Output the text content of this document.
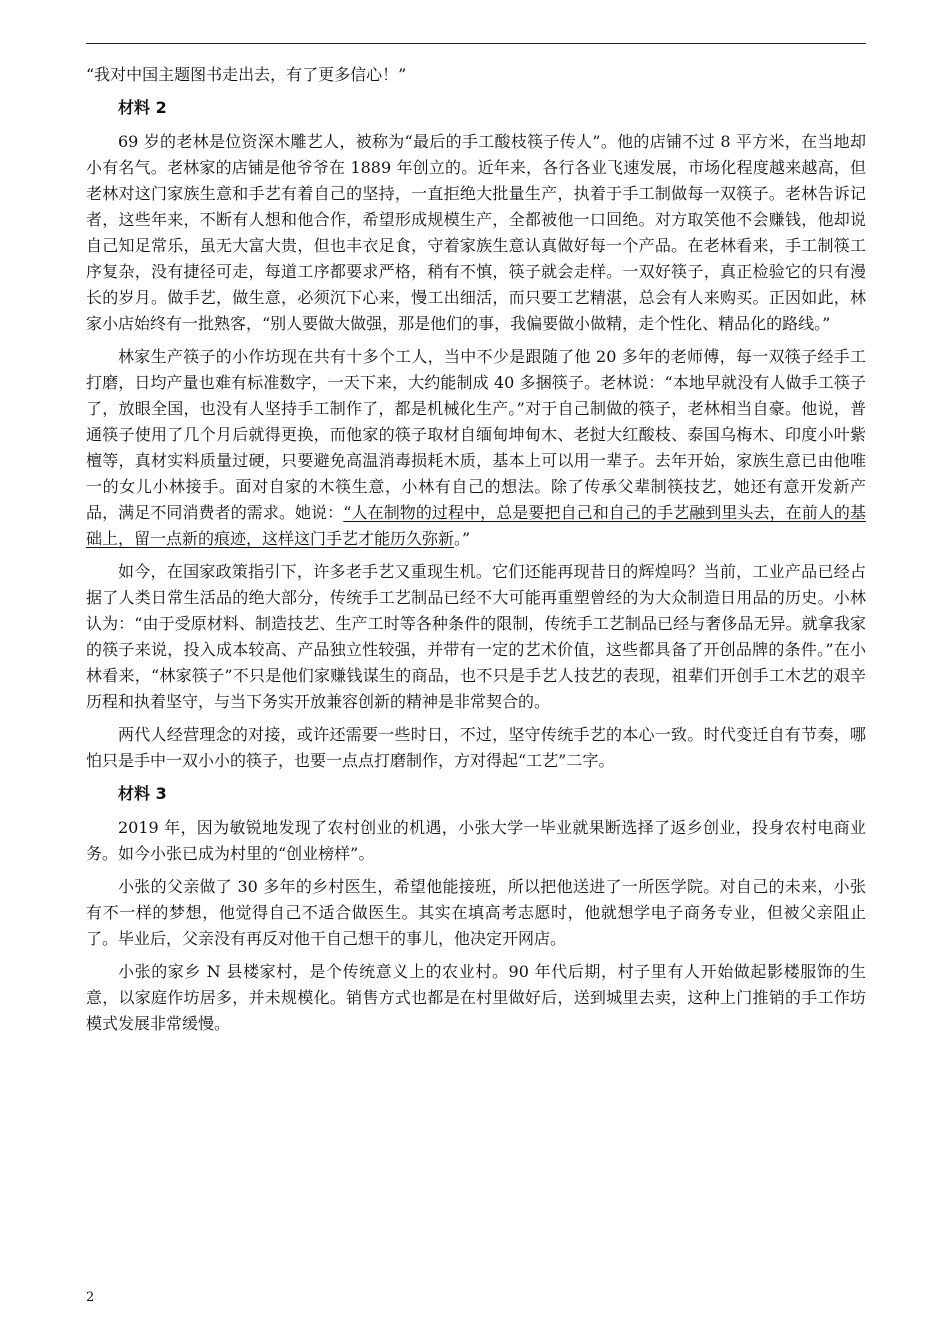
“我对中国主题图书走出去，有了更多信心！”

材料 2

69 岁的老林是位资深木雕艺人，被称为“最后的手工酸枝筷子传人”。他的店铺不过 8 平方米，在当地却小有名气。老林家的店铺是他爷爷在 1889 年创立的。近年来，各行各业飞速发展，市场化程度越来越高，但老林对这门家族生意和手艺有着自己的坚持，一直拒绝大批量生产，执着于手工制做每一双筷子。老林告诉记者，这些年来，不断有人想和他合作，希望形成规模生产，全都被他一口回绝。对方取笑他不会赚钱，他却说自己知足常乐，虽无大富大贵，但也丰衣足食，守着家族生意认真做好每一个产品。在老林看来，手工制筷工序复杂，没有捷径可走，每道工序都要求严格，稍有不慎，筷子就会走样。一双好筷子，真正检验它的只有漫长的岁月。做手艺，做生意，必须沉下心来，慢工出细活，而只要工艺精湛，总会有人来购买。正因如此，林家小店始终有一批熟客，“别人要做大做强，那是他们的事，我偏要做小做精，走个性化、精品化的路线。”

林家生产筷子的小作坊现在共有十多个工人，当中不少是跟随了他 20 多年的老师傅，每一双筷子经手工打磨，日均产量也难有标准数字，一天下来，大约能制成 40 多捆筷子。老林说：“本地早就没有人做手工筷子了，放眼全国，也没有人坚持手工制作了，都是机械化生产。”对于自己制做的筷子，老林相当自豪。他说，普通筷子使用了几个月后就得更换，而他家的筷子取材自缅甸坤甸木、老挝大红酸枝、泰国乌梅木、印度小叶紫檀等，真材实料质量过硬，只要避免高温消毒损耗木质，基本上可以用一辈子。去年开始，家族生意已由他唯一的女儿小林接手。面对自家的木筷生意，小林有自己的想法。除了传承父辈制筷技艺，她还有意开发新产品，满足不同消费者的需求。她说：“人在制物的过程中，总是要把自己和自己的手艺融到里头去，在前人的基础上，留一点新的痕迹，这样这门手艺才能历久弥新。”

如今，在国家政策指引下，许多老手艺又重现生机。它们还能再现昔日的辉煌吗？当前，工业产品已经占据了人类日常生活品的绝大部分，传统手工艺制品已经不大可能再重塑曾经的为大众制造日用品的历史。小林认为：“由于受原材料、制造技艺、生产工时等各种条件的限制，传统手工艺制品已经与奢侈品无异。就拿我家的筷子来说，投入成本较高、产品独立性较强，并带有一定的艺术价值，这些都具备了开创品牌的条件。”在小林看来，“林家筷子”不只是他们家赚钱谋生的商品，也不只是手艺人技艺的表现，祖辈们开创手工木艺的艰辛历程和执着坚守，与当下务实开放兼容创新的精神是非常契合的。

两代人经营理念的对接，或许还需要一些时日，不过，坚守传统手艺的本心一致。时代变迁自有节奏，哪怕只是手中一双小小的筷子，也要一点点打磨制作，方对得起“工艺”二字。

材料 3

2019 年，因为敏锐地发现了农村创业的机遇，小张大学一毕业就果断选择了返乡创业，投身农村电商业务。如今小张已成为村里的“创业榜样”。

小张的父亲做了 30 多年的乡村医生，希望他能接班，所以把他送进了一所医学院。对自己的未来，小张有不一样的梦想，他觉得自己不适合做医生。其实在填高考志愿时，他就想学电子商务专业，但被父亲阻止了。毕业后，父亲没有再反对他干自己想干的事儿，他决定开网店。

小张的家乡 N 县楼家村，是个传统意义上的农业村。90 年代后期，村子里有人开始做起影楼服饰的生意，以家庭作坊居多，并未规模化。销售方式也都是在村里做好后，送到城里去卖，这种上门推销的手工作坊模式发展非常缓慢。

2
